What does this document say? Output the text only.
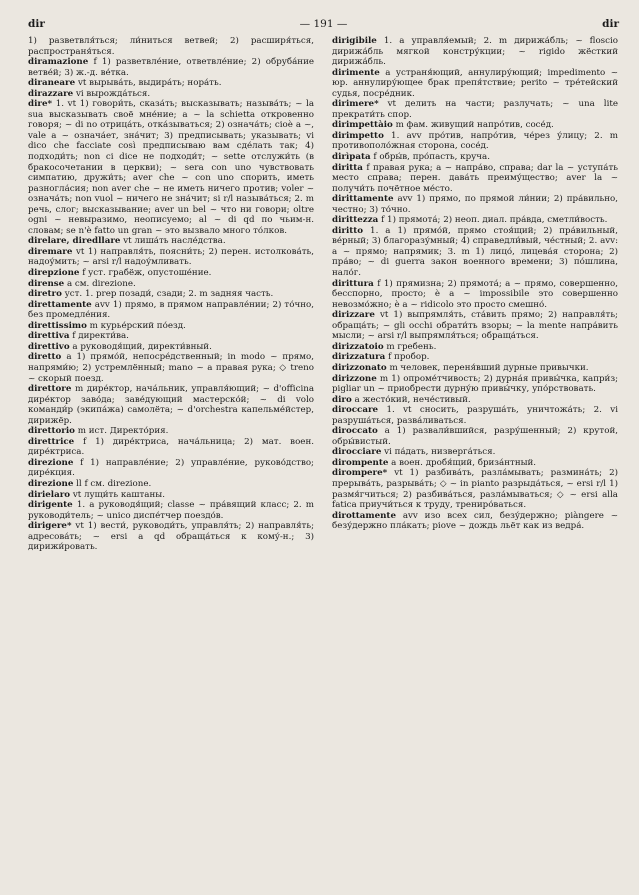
dir	— 191 —	dir

1) разветвля́ться; ли́ниться ветвей; 2) расширя́ться, распространя́ться.

diramazione f 1) разветвле́ние, ответвле́ние; 2) обруба́ние ветве́й; 3) ж.-д. ве́тка.

diraneare vt вырыва́ть, выдира́ть; нора́ть.

dirazzare vi вырожда́ться.

dire* 1. vt 1) говори́ть, сказа́ть; высказывать; называ́ть; ~ la sua высказывать своё мне́ние; a ~ la schietta откровенно говоря; ~ di no отрица́ть, отка́зываться; 2) означа́ть; cioè a ~, vale a ~ означа́ет, зна́чит; 3) предписывать; указывать; vi dico che facciate così предписываю вам сде́лать так; 4) подходи́ть; non ci dice не подходи́т; ~ sette отслужи́ть (в бракосочетании в церкви); ~ sera con uno чувствовать симпатию, дружи́ть; aver che ~ con uno спорить, иметь разногла́сия; non aver che ~ не иметь ничего против; voler ~ означа́ть; non vuol ~ ничего не зна́чит; si r/l называ́ться; 2. m речь, слог; высказывание; aver un bel ~ что ни говори; oltre ogni ~ невыразимо, неописуемо; al ~ di qd по чьим-н. словам; se n'è fatto un gran ~ это вызвало много то́лков.

direlare, diredllare vt лиша́ть насле́дства.

diremare vt 1) направля́ть, поясни́ть; 2) перен. истолкова́ть, надоу́мить; ~ arsi r/l надоу́мливать.

direpzione f уст. грабёж, опустоше́ние.

dirense a см. direzione.

diretro уст. 1. prep позади́, сзади; 2. m задняя часть.

direttamente avv 1) прямо, в прямом направле́нии; 2) то́чно, без промедле́ния.

direttissimo m курье́рский по́езд.

direttiva f директи́ва.

direttivo a руководя́щий, директи́вный.

diretto a 1) прямо́й, непосре́дственный; in modo ~ прямо, напрями́ю; 2) устремлённый; mano ~ a правая рука; ◇ treno ~ скорый поезд.

direttore m дире́ктор, нача́льник, управля́ющий; ~ d'officina дире́ктор заво́да; заве́дующий мастерско́й; ~ di volo команди́р (экипа́жа) самолёта; ~ d'orchestra капельме́йстер, дирижёр.

direttorio m ист. Директо́рия.

direttrice f 1) дире́ктриса, нача́льница; 2) мат. воен. дире́ктриса.

direzione f 1) направле́ние; 2) управле́ние, руково́дство; дире́кция.

direzione ll f см. direzione.

dirielaro vt лущи́ть каштаны.

dirigente 1. a руководя́щий; classe ~ пра́вящий класс; 2. m руководи́тель; ~ unico диспе́тчер поездо́в.

dirigere* vt 1) вести́, руководи́ть, управля́ть; 2) направля́ть; адресова́ть; ~ ersi a qd обраща́ться к кому́-н.; 3) дирижи́ровать.

dirigibile 1. a управля́емый; 2. m дирижа́бль; ~ floscio дирижа́бль мягкой констру́кции; ~ rigido жёсткий дирижа́бль.

dirimente a устраня́ющий, аннулиру́ющий; impedimento ~ юр. аннулиру́ющее брак препя́тствие; perito ~ тре́тейский судья, посре́дник.

dirimere* vt делить на части; разлучать; ~ una lite прекрати́ть спор.

dirimpettàio m фам. живущий напро́тив, сосе́д.

dirimpetto 1. avv про́тив, напро́тив, че́рез у́лицу; 2. m противополо́жная сторона, сосе́д.

dirìpata f обры́в, про́пасть, круча.

diritta f правая рука; a ~ напра́во, справа; dar la ~ уступа́ть место справа; перен. дава́ть преиму́щество; aver la ~ получи́ть почётное ме́сто.

dirittamente avv 1) прямо, по прямой ли́нии; 2) пра́вильно, честно; 3) то́чно.

dirittezza f 1) прямота́; 2) неоп. диал. пра́вда, сметли́вость.

diritto 1. a 1) прямо́й, прямо стоя́щий; 2) пра́вильный, ве́рный; 3) благоразу́мный; 4) справедли́вый, че́стный; 2. avv: a ~ прямо; напрямик; 3. m 1) лицо́, лицева́я сторона; 2) пра́во; ~ di guerra закон военного времени; 3) по́шлина, нало́г.

dirittura f 1) прямизна; 2) прямота́; a ~ прямо, совершенно, бесспорно, просто; è a ~ impossibile это совершенно невозмо́жно; è a ~ ridicolo это просто смешно́.

dirizzare vt 1) выпрямля́ть, ста́вить прямо; 2) направля́ть; обраща́ть; ~ gli occhi обрати́ть взоры; ~ la mente напра́вить мысли; ~ arsi r/l выпрямля́ться; обраща́ться.

dirizzatoio m гребень.

dirizzatura f пробор.

dirizzonato m человек, переня́вший дурные привычки.

dirizzone m 1) опроме́тчивость; 2) дурна́я привы́чка, капри́з; pigliar un ~ приобрести дурну́ю привы́чку, упо́рствовать.

diro a жесто́кий, нече́стивый.

diroccare 1. vt сносить, разруша́ть, уничтожа́ть; 2. vi разруша́ться, разва́ливаться.

diroccato a 1) развали́вшийся, разру́шенный; 2) крутой, обры́вистый.

dirocciare vi па́дать, низверга́ться.

dirompente a воен. дробя́щий, бриза́нтный.

dirompere* vt 1) разбива́ть, разла́мывать; размина́ть; 2) прерыва́ть, разрыва́ть; ◇ ~ in pianto разрыда́ться, ~ ersi r/l 1) размя́гчиться; 2) разбива́ться, разла́мываться; ◇ ~ ersi alla fatica приучи́ться к труду, трениро́ваться.

dirottamente avv изо всех сил, безу́держно; piàngere ~ безу́держно пла́кать; piove ~ дождь льёт как из ведра́.
